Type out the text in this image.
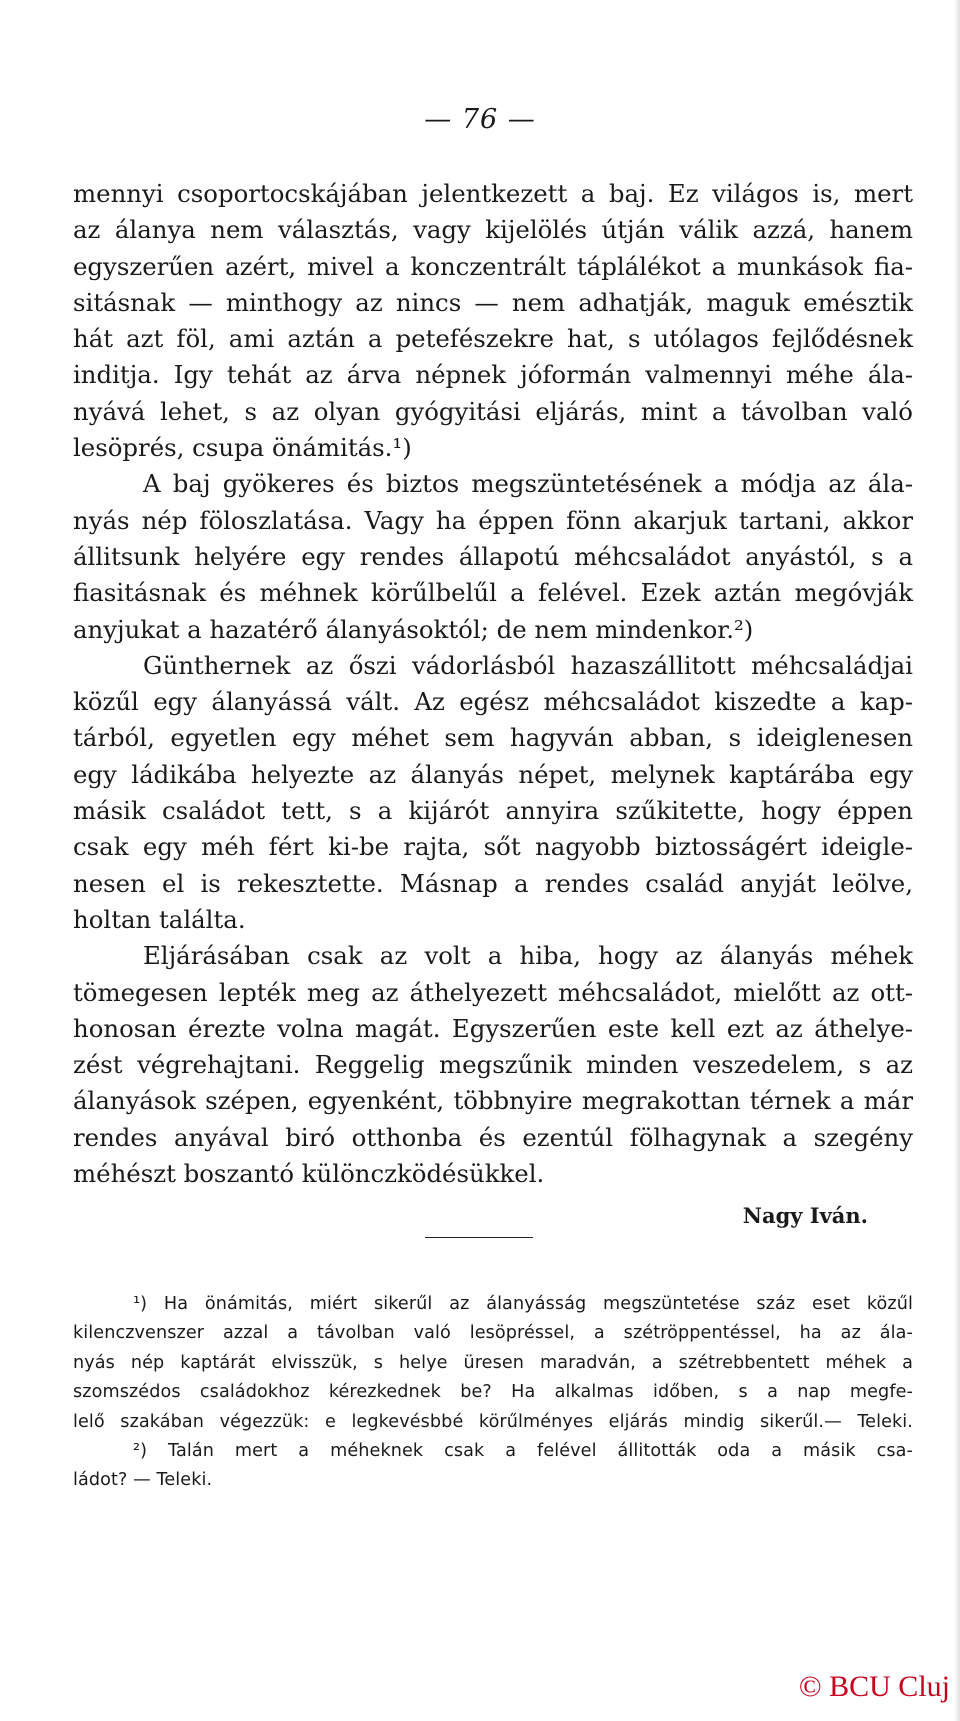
— 76 —

mennyi csoportocskájában jelentkezett a baj. Ez világos is, mert
az álanya nem választás, vagy kijelölés útján válik azzá, hanem
egyszerűen azért, mivel a konczentrált táplálékot a munkások fia-
sitásnak — minthogy az nincs — nem adhatják, maguk emésztik
hát azt föl, ami aztán a petefészekre hat, s utólagos fejlődésnek
inditja. Igy tehát az árva népnek jóformán valmennyi méhe ála-
nyává lehet, s az olyan gyógyitási eljárás, mint a távolban való
lesöprés, csupa önámitás.¹)

A baj gyökeres és biztos megszüntetésének a módja az ála-
nyás nép föloszlatása. Vagy ha éppen fönn akarjuk tartani, akkor
állitsunk helyére egy rendes állapotú méhcsaládot anyástól, s a
fiasitásnak és méhnek körűlbelűl a felével. Ezek aztán megóvják
anyjukat a hazatérő álanyásoktól; de nem mindenkor.²)

Günthernek az őszi vádorlásból hazaszállitott méhcsaládjai
közűl egy álanyássá vált. Az egész méhcsaládot kiszedte a kap-
tárból, egyetlen egy méhet sem hagyván abban, s ideiglenesen
egy ládikába helyezte az álanyás népet, melynek kaptárába egy
másik családot tett, s a kijárót annyira szűkitette, hogy éppen
csak egy méh fért ki-be rajta, sőt nagyobb biztosságért ideigle-
nesen el is rekesztette. Másnap a rendes család anyját leölve,
holtan találta.

Eljárásában csak az volt a hiba, hogy az álanyás méhek
tömegesen lepték meg az áthelyezett méhcsaládot, mielőtt az ott-
honosan érezte volna magát. Egyszerűen este kell ezt az áthelye-
zést végrehajtani. Reggelig megszűnik minden veszedelem, s az
álanyások szépen, egyenként, többnyire megrakottan térnek a már
rendes anyával biró otthonba és ezentúl fölhagynak a szegény
méhészt boszantó különczködésükkel.

Nagy Iván.
¹) Ha önámitás, miért sikerűl az álanyásság megszüntetése száz eset közűl
kilenczvenszer azzal a távolban való lesöpréssel, a szétröppentéssel, ha az ála-
nyás nép kaptárát elvisszük, s helye üresen maradván, a szétrebbentett méhek a
szomszédos családokhoz kérezkednek be? Ha alkalmas időben, s a nap megfe-
lelő szakában végezzük: e legkevésbbé körűlményes eljárás mindig sikerűl.— Teleki.
²) Talán mert a méheknek csak a felével állitották oda a másik csa-
ládot? — Teleki.
© BCU Cluj
